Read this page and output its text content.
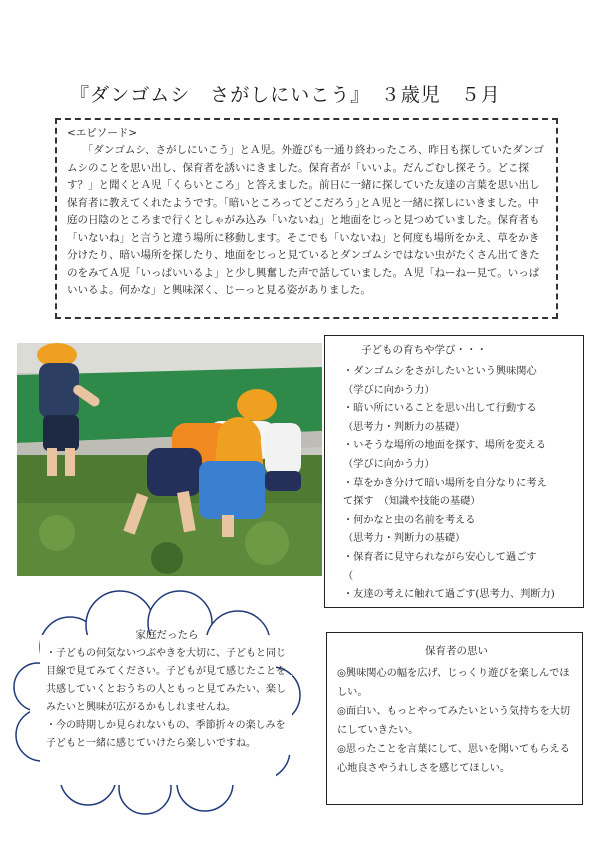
『ダンゴムシ　さがしにいこう』　３歳児　５月
<エピソード>

「ダンゴムシ、さがしにいこう」とＡ児。外遊びも一通り終わったころ、昨日も探していたダンゴムシのことを思い出し、保育者を誘いにきました。保育者が「いいよ。だんごむし探そう。どこ探す？」と聞くとＡ児「くらいところ」と答えました。前日に一緒に探していた友達の言葉を思い出し保育者に教えてくれたようです。｢暗いところってどこだろう｣とＡ児と一緒に探しにいきました。中庭の日陰のところまで行くとしゃがみ込み「いないね」と地面をじっと見つめていました。保育者も「いないね」と言うと違う場所に移動します。そこでも「いないね」と何度も場所をかえ、草をかき分けたり、暗い場所を探したり、地面をじっと見ているとダンゴムシではない虫がたくさん出てきたのをみてＡ児「いっぱいいるよ」と少し興奮した声で話していました。Ａ児「ねーねー見て。いっぱいいるよ。何かな」と興味深く、じーっと見る姿がありました。

子どもの育ちや学び・・・
・ダンゴムシをさがしたいという興味関心
（学びに向かう力）
・暗い所にいることを思い出して行動する
（思考力・判断力の基礎）
・いそうな場所の地面を探す、場所を変える
（学びに向かう力）
・草をかき分けて暗い場所を自分なりに考え
て探す　（知識や技能の基礎）
・何かなと虫の名前を考える
（思考力・判断力の基礎）
・保育者に見守られながら安心して過ごす
（
・友達の考えに触れて過ごす(思考力、判断力)
家庭だったら
・子どもの何気ないつぶやきを大切に、子どもと同じ目線で見てみてください。子どもが見て感じたことを共感していくとおうちの人ともっと見てみたい、楽しみたいと興味が広がるかもしれませんね。
・今の時期しか見られないもの、季節折々の楽しみを子どもと一緒に感じていけたら楽しいですね。
保育者の思い
◎興味関心の幅を広げ、じっくり遊びを楽しんでほしい。
◎面白い、もっとやってみたいという気持ちを大切にしていきたい。
◎思ったことを言葉にして、思いを聞いてもらえる心地良さやうれしさを感じてほしい。
